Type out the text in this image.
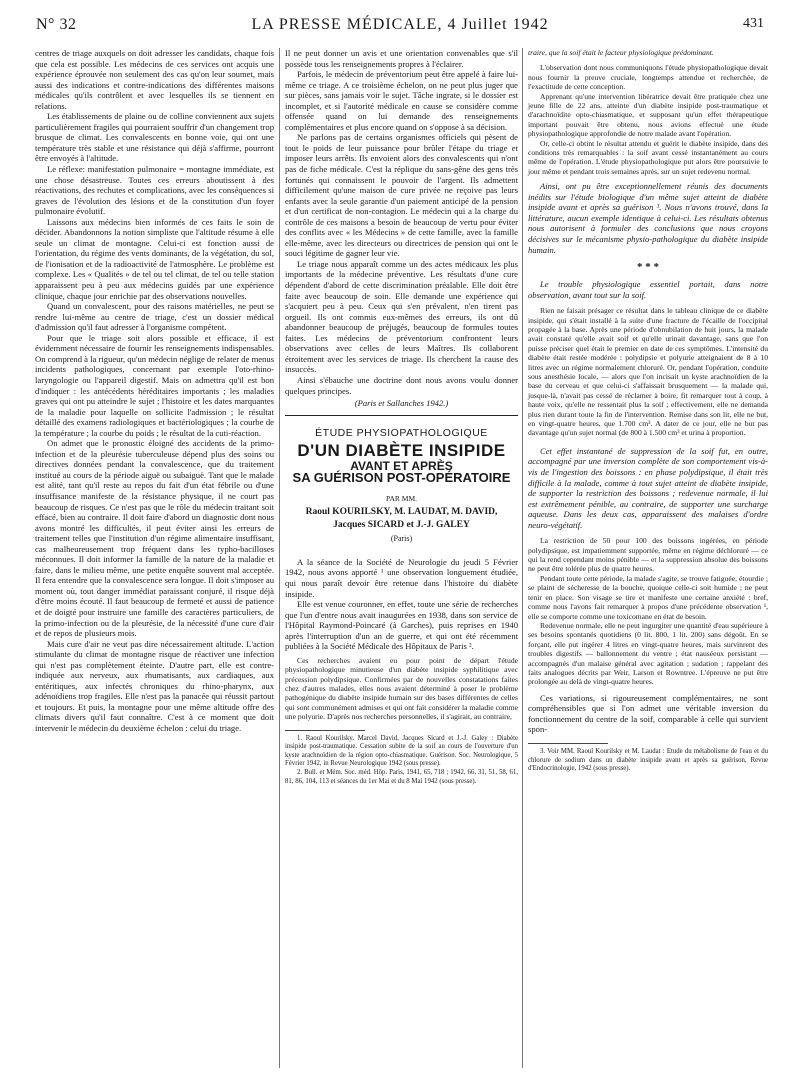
N° 32	LA PRESSE MÉDICALE, 4 Juillet 1942	431

centres de triage auxquels on doit adresser les candidats, chaque fois que cela est possible. Les médecins de ces services ont acquis une expérience éprouvée non seulement des cas qu'on leur soumet, mais aussi des indications et contre-indications des différentes maisons médicales qu'ils contrôlent et avec lesquelles ils se tiennent en relations.

Les établissements de plaine ou de colline conviennent aux sujets particulièrement fragiles qui pourraient souffrir d'un changement trop brusque de climat. Les convalescents en bonne voie, qui ont une température très stable et une résistance qui déjà s'affirme, pourront être envoyés à l'altitude.

Le réflexe: manifestation pulmonaire = montagne immédiate, est une chose désastreuse. Toutes ces erreurs aboutissent à des réactivations, des rechutes et complications, avec les conséquences si graves de l'évolution des lésions et de la constitution d'un foyer pulmonaire évolutif.

Laissons aux médecins bien informés de ces faits le soin de décider. Abandonnons la notion simpliste que l'altitude résume à elle seule un climat de montagne. Celui-ci est fonction aussi de l'orientation, du régime des vents dominants, de la végétation, du sol, de l'ionisation et de la radioactivité de l'atmosphère. Le problème est complexe. Les « Qualités » de tel ou tel climat, de tel ou telle station apparaissent peu à peu aux médecins guidés par une expérience clinique, chaque jour enrichie par des observations nouvelles.

Quand un convalescent, pour des raisons matérielles, ne peut se rendre lui-même au centre de triage, c'est un dossier médical d'admission qu'il faut adresser à l'organisme compétent.

Pour que le triage soit alors possible et efficace, il est évidemment nécessaire de fournir les renseignements indispensables. On comprend à la rigueur, qu'un médecin néglige de relater de menus incidents pathologiques, concernant par exemple l'oto-rhino-laryngologie ou l'appareil digestif. Mais on admettra qu'il est bon d'indiquer : les antécédents héréditaires importants ; les maladies graves qui ont pu atteindre le sujet ; l'histoire et les dates marquantes de la maladie pour laquelle on sollicite l'admission ; le résultat détaillé des examens radiologiques et bactériologiques ; la courbe de la température ; la courbe du poids ; le résultat de la cuti-réaction.

On admet que le pronostic éloigné des accidents de la primo-infection et de la pleurésie tuberculeuse dépend plus des soins ou directives données pendant la convalescence, que du traitement institué au cours de la période aiguë ou subaiguë. Tant que le malade est alité, tant qu'il reste au repos du fait d'un état fébrile ou d'une insuffisance manifeste de la résistance physique, il ne court pas beaucoup de risques. Ce n'est pas que le rôle du médecin traitant soit effacé, bien au contraire. Il doit faire d'abord un diagnostic dont nous avons montré les difficultés, il peut éviter ainsi les erreurs de traitement telles que l'institution d'un régime alimentaire insuffisant, cas malheureusement trop fréquent dans les typho-bacilloses méconnues. Il doit informer la famille de la nature de la maladie et faire, dans le milieu même, une petite enquête souvent mal acceptée. Il fera entendre que la convalescence sera longue. Il doit s'imposer au moment où, tout danger immédiat paraissant conjuré, il risque déjà d'être moins écouté. Il faut beaucoup de fermeté et aussi de patience et de doigté pour instruire une famille des caractères particuliers, de la primo-infection ou de la pleurésie, de la nécessité d'une cure d'air et de repos de plusieurs mois.

Mais cure d'air ne veut pas dire nécessairement altitude. L'action stimulante du climat de montagne risque de réactiver une infection qui n'est pas complètement éteinte. D'autre part, elle est contre-indiquée aux nerveux, aux rhumatisants, aux cardiaques, aux entéritiques, aux infectés chroniques du rhino-pharynx, aux adénoïdiens trop fragiles. Elle n'est pas la panacée qui réussit partout et toujours. Et puis, la montagne pour une même altitude offre des climats divers qu'il faut connaître. C'est à ce moment que doit intervenir le médecin du deuxième échelon : celui du triage.

Il ne peut donner un avis et une orientation convenables que s'il possède tous les renseignements propres à l'éclairer.

Parfois, le médecin de préventorium peut être appelé à faire lui-même ce triage. A ce troisième échelon, on ne peut plus juger que sur pièces, sans jamais voir le sujet. Tâche ingrate, si le dossier est incomplet, et si l'autorité médicale en cause se considère comme offensée quand on lui demande des renseignements complémentaires et plus encore quand on s'oppose à sa décision.

Ne parlons pas de certains organismes officiels qui pèsent de tout le poids de leur puissance pour brûler l'étape du triage et imposer leurs arrêts. Ils envoient alors des convalescents qui n'ont pas de fiche médicale. C'est la réplique du sans-gêne des gens très fortunés qui connaissent le pouvoir de l'argent. Ils admettent difficilement qu'une maison de cure privée ne reçoive pas leurs enfants avec la seule garantie d'un paiement anticipé de la pension et d'un certificat de non-contagion. Le médecin qui a la charge du contrôle de ces maisons a besoin de beaucoup de vertu pour éviter des conflits avec « les Médecins » de cette famille, avec la famille elle-même, avec les directeurs ou directrices de pension qui ont le souci légitime de gagner leur vie.

Le triage nous apparaît comme un des actes médicaux les plus importants de la médecine préventive. Les résultats d'une cure dépendent d'abord de cette discrimination préalable. Elle doit être faite avec beaucoup de soin. Elle demande une expérience qui s'acquiert peu à peu. Ceux qui s'en prévalent, n'en tirent pas orgueil. Ils ont commis eux-mêmes des erreurs, ils ont dû abandonner beaucoup de préjugés, beaucoup de formules toutes faites. Les médecins de préventorium confrontent leurs observations avec celles de leurs Maîtres. Ils collaborent étroitement avec les services de triage. Ils cherchent la cause des insuccès.

Ainsi s'ébauche une doctrine dont nous avons voulu donner quelques principes.

(Paris et Sallanches 1942.)
ÉTUDE PHYSIOPATHOLOGIQUE
D'UN DIABÈTE INSIPIDE
AVANT ET APRÈS
SA GUÉRISON POST-OPÉRATOIRE
PAR MM.
Raoul KOURILSKY, M. LAUDAT, M. DAVID,
Jacques SICARD et J.-J. GALEY
(Paris)

A la séance de la Société de Neurologie du jeudi 5 Février 1942, nous avons apporté ¹ une observation longuement étudiée, qui nous paraît devoir être retenue dans l'histoire du diabète insipide.

Elle est venue couronner, en effet, toute une série de recherches que l'un d'entre nous avait inaugurées en 1938, dans son service de l'Hôpital Raymond-Poincaré (à Garches), puis reprises en 1940 après l'interruption d'un an de guerre, et qui ont été récemment publiées à la Société Médicale des Hôpitaux de Paris ².

Ces recherches avaient eu pour point de départ l'étude physiopathologique minutieuse d'un diabète insipide syphilitique avec précession polydipsique. Confirmées par de nouvelles constatations faites chez d'autres malades, elles nous avaient déterminé à poser le problème pathogénique du diabète insipide humain sur des bases différentes de celles qui sont communément admises et qui ont fait considérer la maladie comme une polyurie. D'après nos recherches personnelles, il s'agirait, au contraire,

1. Raoul Kourilsky, Marcel David, Jacques Sicard et J.-J. Galey : Diabète insipide post-traumatique. Cessation subite de la soif au cours de l'ouverture d'un kyste arachnoïdien de la région opto-chiasmatique. Guérison. Soc. Neurologique, 5 Février 1942, in Revue Neurologique 1942 (sous presse).

2. Bull. et Mém. Soc. méd. Hôp. Paris, 1941, 65, 718 ; 1942, 66, 31, 51, 58, 61, 81, 86, 104, 113 et séances du 1er Mai et du 8 Mai 1942 (sous presse).

traire, que la soif était le facteur physiologique prédominant.

L'observation dont nous communiquons l'étude physiopathologique devait nous fournir la preuve cruciale, longtemps attendue et recherchée, de l'exactitude de cette conception.

Apprenant qu'une intervention libératrice devait être pratiquée chez une jeune fille de 22 ans, atteinte d'un diabète insipide post-traumatique et d'arachnoïdite opto-chiasmatique, et supposant qu'un effet thérapeutique important pouvait être obtenu, nous avions effectué une étude physiopathologique approfondie de notre malade avant l'opération.

Or, celle-ci obtint le résultat attendu et guérit le diabète insipide, dans des conditions très remarquables : la soif avant cessé instantanément au cours même de l'opération. L'étude physiopathologique put alors être poursuivie le jour même et pendant trois semaines après, sur un sujet redevenu normal.

Ainsi, ont pu être exceptionnellement réunis des documents inédits sur l'étude biologique d'un même sujet atteint de diabète insipide avant et après sa guérison ³. Nous n'avons trouvé, dans la littérature, aucun exemple identique à celui-ci. Les résultats obtenus nous autorisent à formuler des conclusions que nous croyons décisives sur le mécanisme physio-pathologique du diabète insipide humain.

* * *

Le trouble physiologique essentiel portait, dans notre observation, avant tout sur la soif.

Rien ne faisait présager ce résultat dans le tableau clinique de ce diabète insipide, qui s'était installé à la suite d'une fracture de l'écaille de l'occipital propagée à la base. Après une période d'obnubilation de huit jours, la malade avait constaté qu'elle avait soif et qu'elle urinait davantage, sans que l'on puisse préciser quel était le premier en date de ces symptômes. L'intensité du diabète était restée modérée : polydipsie et polyurie atteignaient de 8 à 10 litres avec un régime normalement chloruré. Or, pendant l'opération, conduite sous anesthésie locale, — alors que l'on incisait un kyste arachnoïdien de la base du cerveau et que celui-ci s'affaissait brusquement — la malade qui, jusque-là, n'avait pas cessé de réclamer à boire, fit remarquer tout à coup, à haute voix, qu'elle ne ressentait plus la soif ; effectivement, elle ne demanda plus rien durant toute la fin de l'intervention. Remise dans son lit, elle ne but, en vingt-quatre heures, que 1.700 cm³. A dater de ce jour, elle ne but pas davantage qu'un sujet normal (de 800 à 1.500 cm³ et urina à proportion.

Cet effet instantané de suppression de la soif fut, en outre, accompagné par une inversion complète de son comportement vis-à-vis de l'ingestion des boissons : en phase polydipsique, il était très difficile à la malade, comme à tout sujet atteint de diabète insipide, de supporter la restriction des boissons ; redevenue normale, il lui est extrêmement pénible, au contraire, de supporter une surcharge aqueuse. Dans les deux cas, apparaissent des malaises d'ordre neuro-végétatif.

La restriction de 50 pour 100 des boissons ingérées, en période polydipsique, est impatiemment supportée, même en régime déchloruré — ce qui la rend cependant moins pénible — et la suppression absolue des boissons ne peut être tolérée plus de quatre heures.

Pendant toute cette période, la malade s'agite, se trouve fatiguée, étourdie ; se plaint de sécheresse de la bouche, quoique celle-ci soit humide ; ne peut tenir en place. Son visage se tire et manifeste une certaine anxiété : bref, comme nous l'avons fait remarquer à propos d'une précédente observation ¹, elle se comporte comme une toxicomane en état de besoin.

Redevenue normale, elle ne peut ingurgiter une quantité d'eau supérieure à ses besoins spontanés quotidiens (0 lit. 800, 1 lit. 200) sans dégoût. En se forçant, elle put ingérer 4 litres en vingt-quatre heures, mais survinrent des troubles digestifs — ballonnement du ventre ; état nauséeux persistant — accompagnés d'un malaise général avec agitation ; sudation ; rappelant des faits analogues décrits par Weir, Larson et Rowntree. L'épreuve ne put être prolongée au delà de vingt-quatre heures.

Ces variations, si rigoureusement complémentaires, ne sont compréhensibles que si l'on admet une véritable inversion du fonctionnement du centre de la soif, comparable à celle qui survient spon-

3. Voir MM. Raoul Kourilsky et M. Laudat : Etude du métabolisme de l'eau et du chlorure de sodium dans un diabète insipide avant et après sa guérison, Revue d'Endocrinologie, 1942 (sous presse).
